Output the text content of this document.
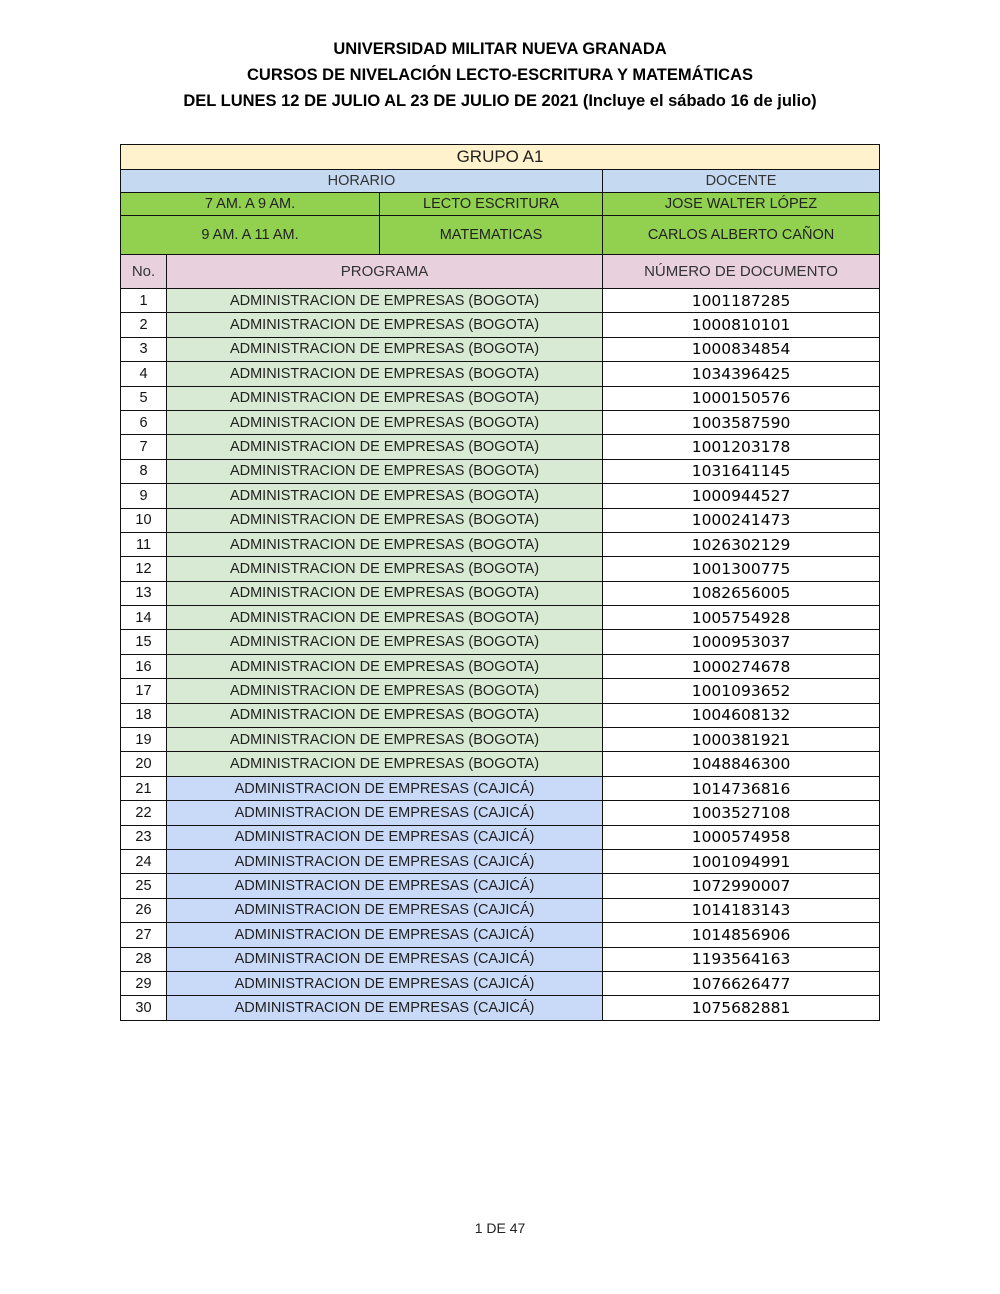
UNIVERSIDAD MILITAR NUEVA GRANADA
CURSOS DE NIVELACIÓN LECTO-ESCRITURA Y MATEMÁTICAS
DEL LUNES 12 DE JULIO AL 23 DE JULIO DE 2021 (Incluye el sábado 16 de julio)
GRUPO A1			
HORARIO			DOCENTE
7 AM. A 9 AM.		LECTO ESCRITURA	JOSE WALTER LÓPEZ
9 AM. A 11 AM.		MATEMATICAS	CARLOS ALBERTO CAÑON
No.	PROGRAMA		NÚMERO DE DOCUMENTO
1	ADMINISTRACION DE EMPRESAS (BOGOTA)		1001187285
2	ADMINISTRACION DE EMPRESAS (BOGOTA)		1000810101
3	ADMINISTRACION DE EMPRESAS (BOGOTA)		1000834854
4	ADMINISTRACION DE EMPRESAS (BOGOTA)		1034396425
5	ADMINISTRACION DE EMPRESAS (BOGOTA)		1000150576
6	ADMINISTRACION DE EMPRESAS (BOGOTA)		1003587590
7	ADMINISTRACION DE EMPRESAS (BOGOTA)		1001203178
8	ADMINISTRACION DE EMPRESAS (BOGOTA)		1031641145
9	ADMINISTRACION DE EMPRESAS (BOGOTA)		1000944527
10	ADMINISTRACION DE EMPRESAS (BOGOTA)		1000241473
11	ADMINISTRACION DE EMPRESAS (BOGOTA)		1026302129
12	ADMINISTRACION DE EMPRESAS (BOGOTA)		1001300775
13	ADMINISTRACION DE EMPRESAS (BOGOTA)		1082656005
14	ADMINISTRACION DE EMPRESAS (BOGOTA)		1005754928
15	ADMINISTRACION DE EMPRESAS (BOGOTA)		1000953037
16	ADMINISTRACION DE EMPRESAS (BOGOTA)		1000274678
17	ADMINISTRACION DE EMPRESAS (BOGOTA)		1001093652
18	ADMINISTRACION DE EMPRESAS (BOGOTA)		1004608132
19	ADMINISTRACION DE EMPRESAS (BOGOTA)		1000381921
20	ADMINISTRACION DE EMPRESAS (BOGOTA)		1048846300
21	ADMINISTRACION DE EMPRESAS (CAJICÁ)		1014736816
22	ADMINISTRACION DE EMPRESAS (CAJICÁ)		1003527108
23	ADMINISTRACION DE EMPRESAS (CAJICÁ)		1000574958
24	ADMINISTRACION DE EMPRESAS (CAJICÁ)		1001094991
25	ADMINISTRACION DE EMPRESAS (CAJICÁ)		1072990007
26	ADMINISTRACION DE EMPRESAS (CAJICÁ)		1014183143
27	ADMINISTRACION DE EMPRESAS (CAJICÁ)		1014856906
28	ADMINISTRACION DE EMPRESAS (CAJICÁ)		1193564163
29	ADMINISTRACION DE EMPRESAS (CAJICÁ)		1076626477
30	ADMINISTRACION DE EMPRESAS (CAJICÁ)		1075682881
1 DE 47
